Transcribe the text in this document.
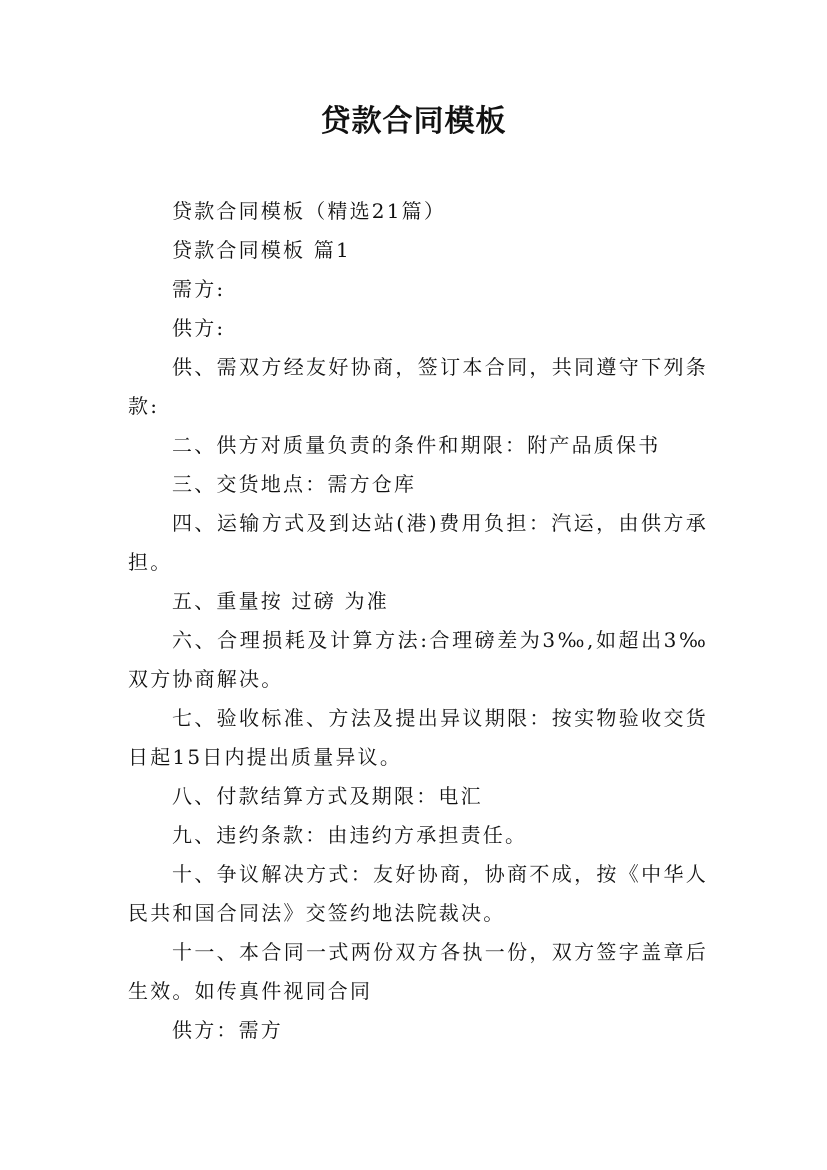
贷款合同模板

贷款合同模板（精选21篇）

贷款合同模板 篇1

需方:

供方:

供、需双方经友好协商，签订本合同，共同遵守下列条款:

二、供方对质量负责的条件和期限：附产品质保书

三、交货地点：需方仓库

四、运输方式及到达站(港)费用负担：汽运，由供方承担。

五、重量按 过磅 为准

六、合理损耗及计算方法:合理磅差为3‰,如超出3‰双方协商解决。

七、验收标准、方法及提出异议期限：按实物验收交货日起15日内提出质量异议。

八、付款结算方式及期限：电汇

九、违约条款：由违约方承担责任。

十、争议解决方式：友好协商，协商不成，按《中华人民共和国合同法》交签约地法院裁决。

十一、本合同一式两份双方各执一份，双方签字盖章后生效。如传真件视同合同

供方：需方
